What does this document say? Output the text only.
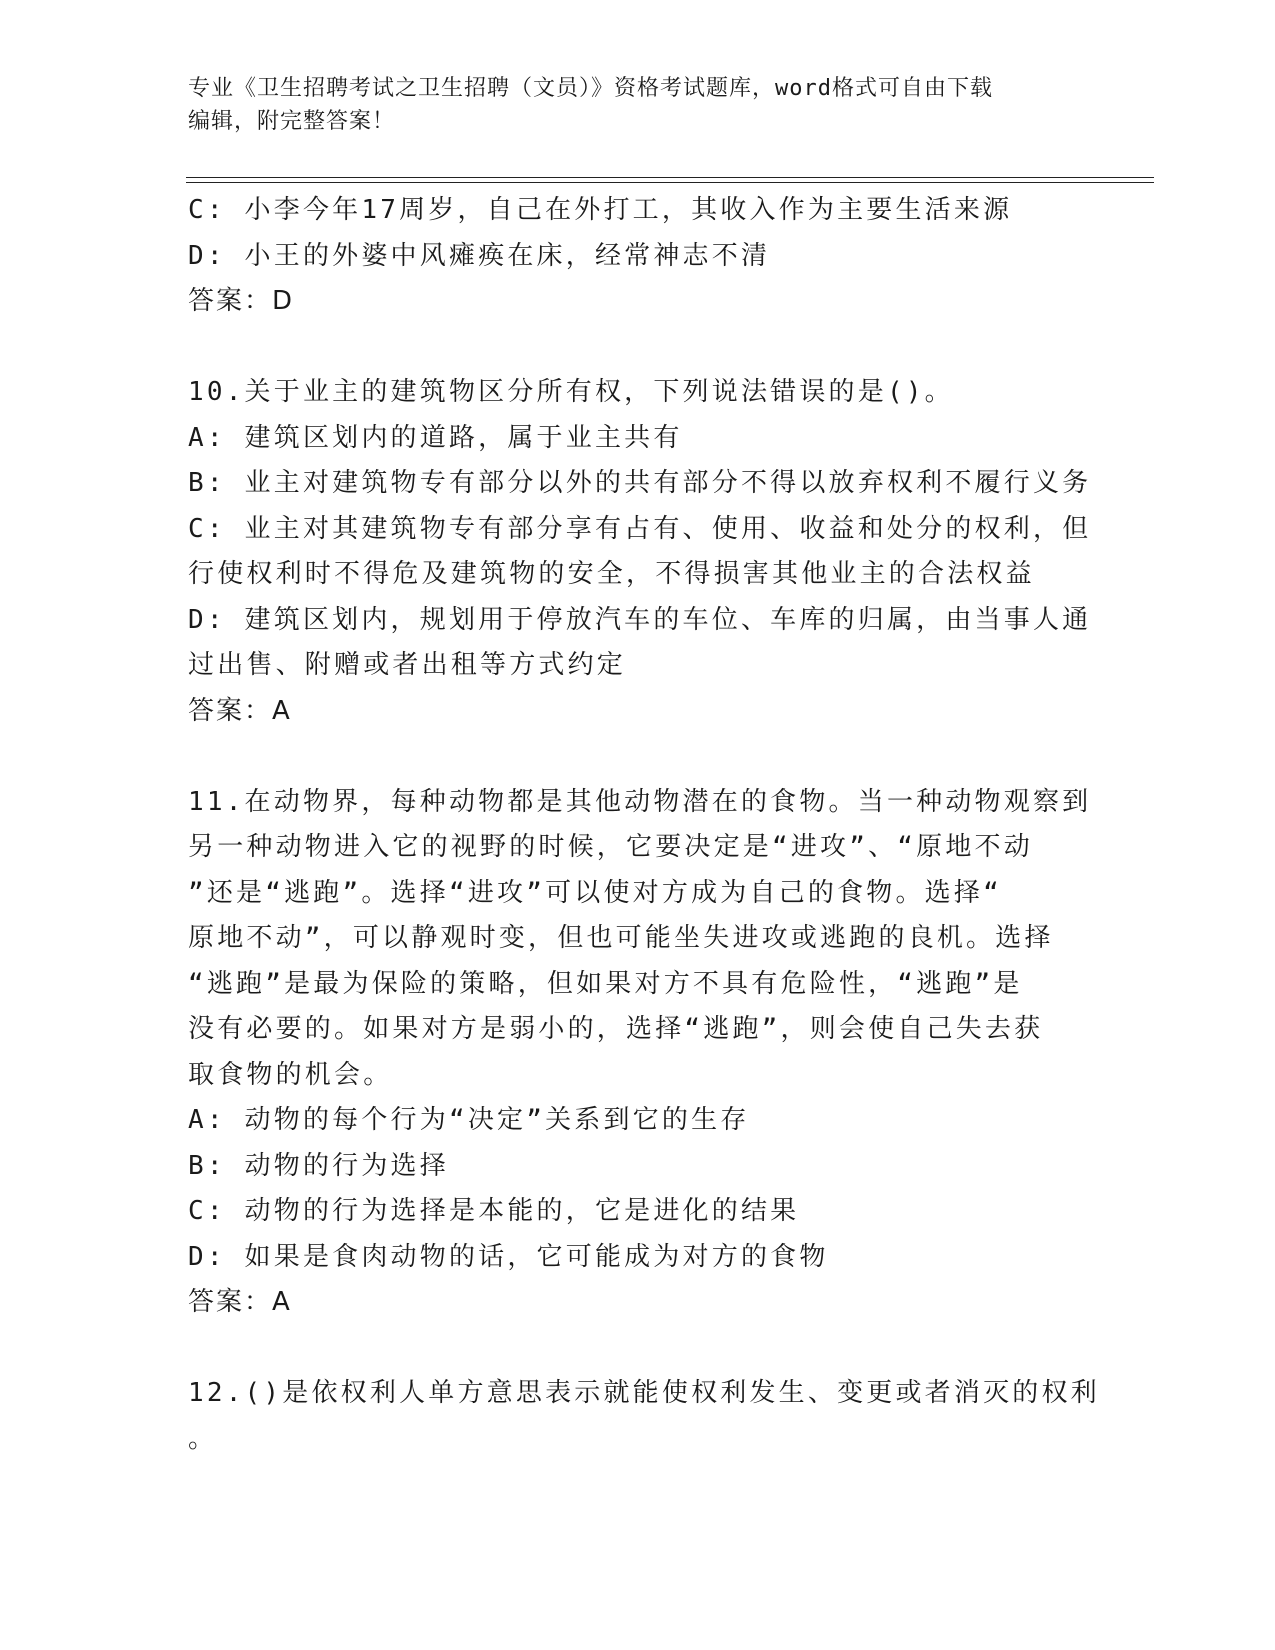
专业《卫生招聘考试之卫生招聘（文员）》资格考试题库，word格式可自由下载
编辑，附完整答案！
C: 小李今年17周岁，自己在外打工，其收入作为主要生活来源
D: 小王的外婆中风瘫痪在床，经常神志不清
答案：D
10.关于业主的建筑物区分所有权，下列说法错误的是()。
A: 建筑区划内的道路，属于业主共有
B: 业主对建筑物专有部分以外的共有部分不得以放弃权利不履行义务
C: 业主对其建筑物专有部分享有占有、使用、收益和处分的权利，但
行使权利时不得危及建筑物的安全，不得损害其他业主的合法权益
D: 建筑区划内，规划用于停放汽车的车位、车库的归属，由当事人通
过出售、附赠或者出租等方式约定
答案：A
11.在动物界，每种动物都是其他动物潜在的食物。当一种动物观察到
另一种动物进入它的视野的时候，它要决定是“进攻”、“原地不动
”还是“逃跑”。选择“进攻”可以使对方成为自己的食物。选择“
原地不动”，可以静观时变，但也可能坐失进攻或逃跑的良机。选择
“逃跑”是最为保险的策略，但如果对方不具有危险性，“逃跑”是
没有必要的。如果对方是弱小的，选择“逃跑”，则会使自己失去获
取食物的机会。
A: 动物的每个行为“决定”关系到它的生存
B: 动物的行为选择
C: 动物的行为选择是本能的，它是进化的结果
D: 如果是食肉动物的话，它可能成为对方的食物
答案：A
12.()是依权利人单方意思表示就能使权利发生、变更或者消灭的权利
。
